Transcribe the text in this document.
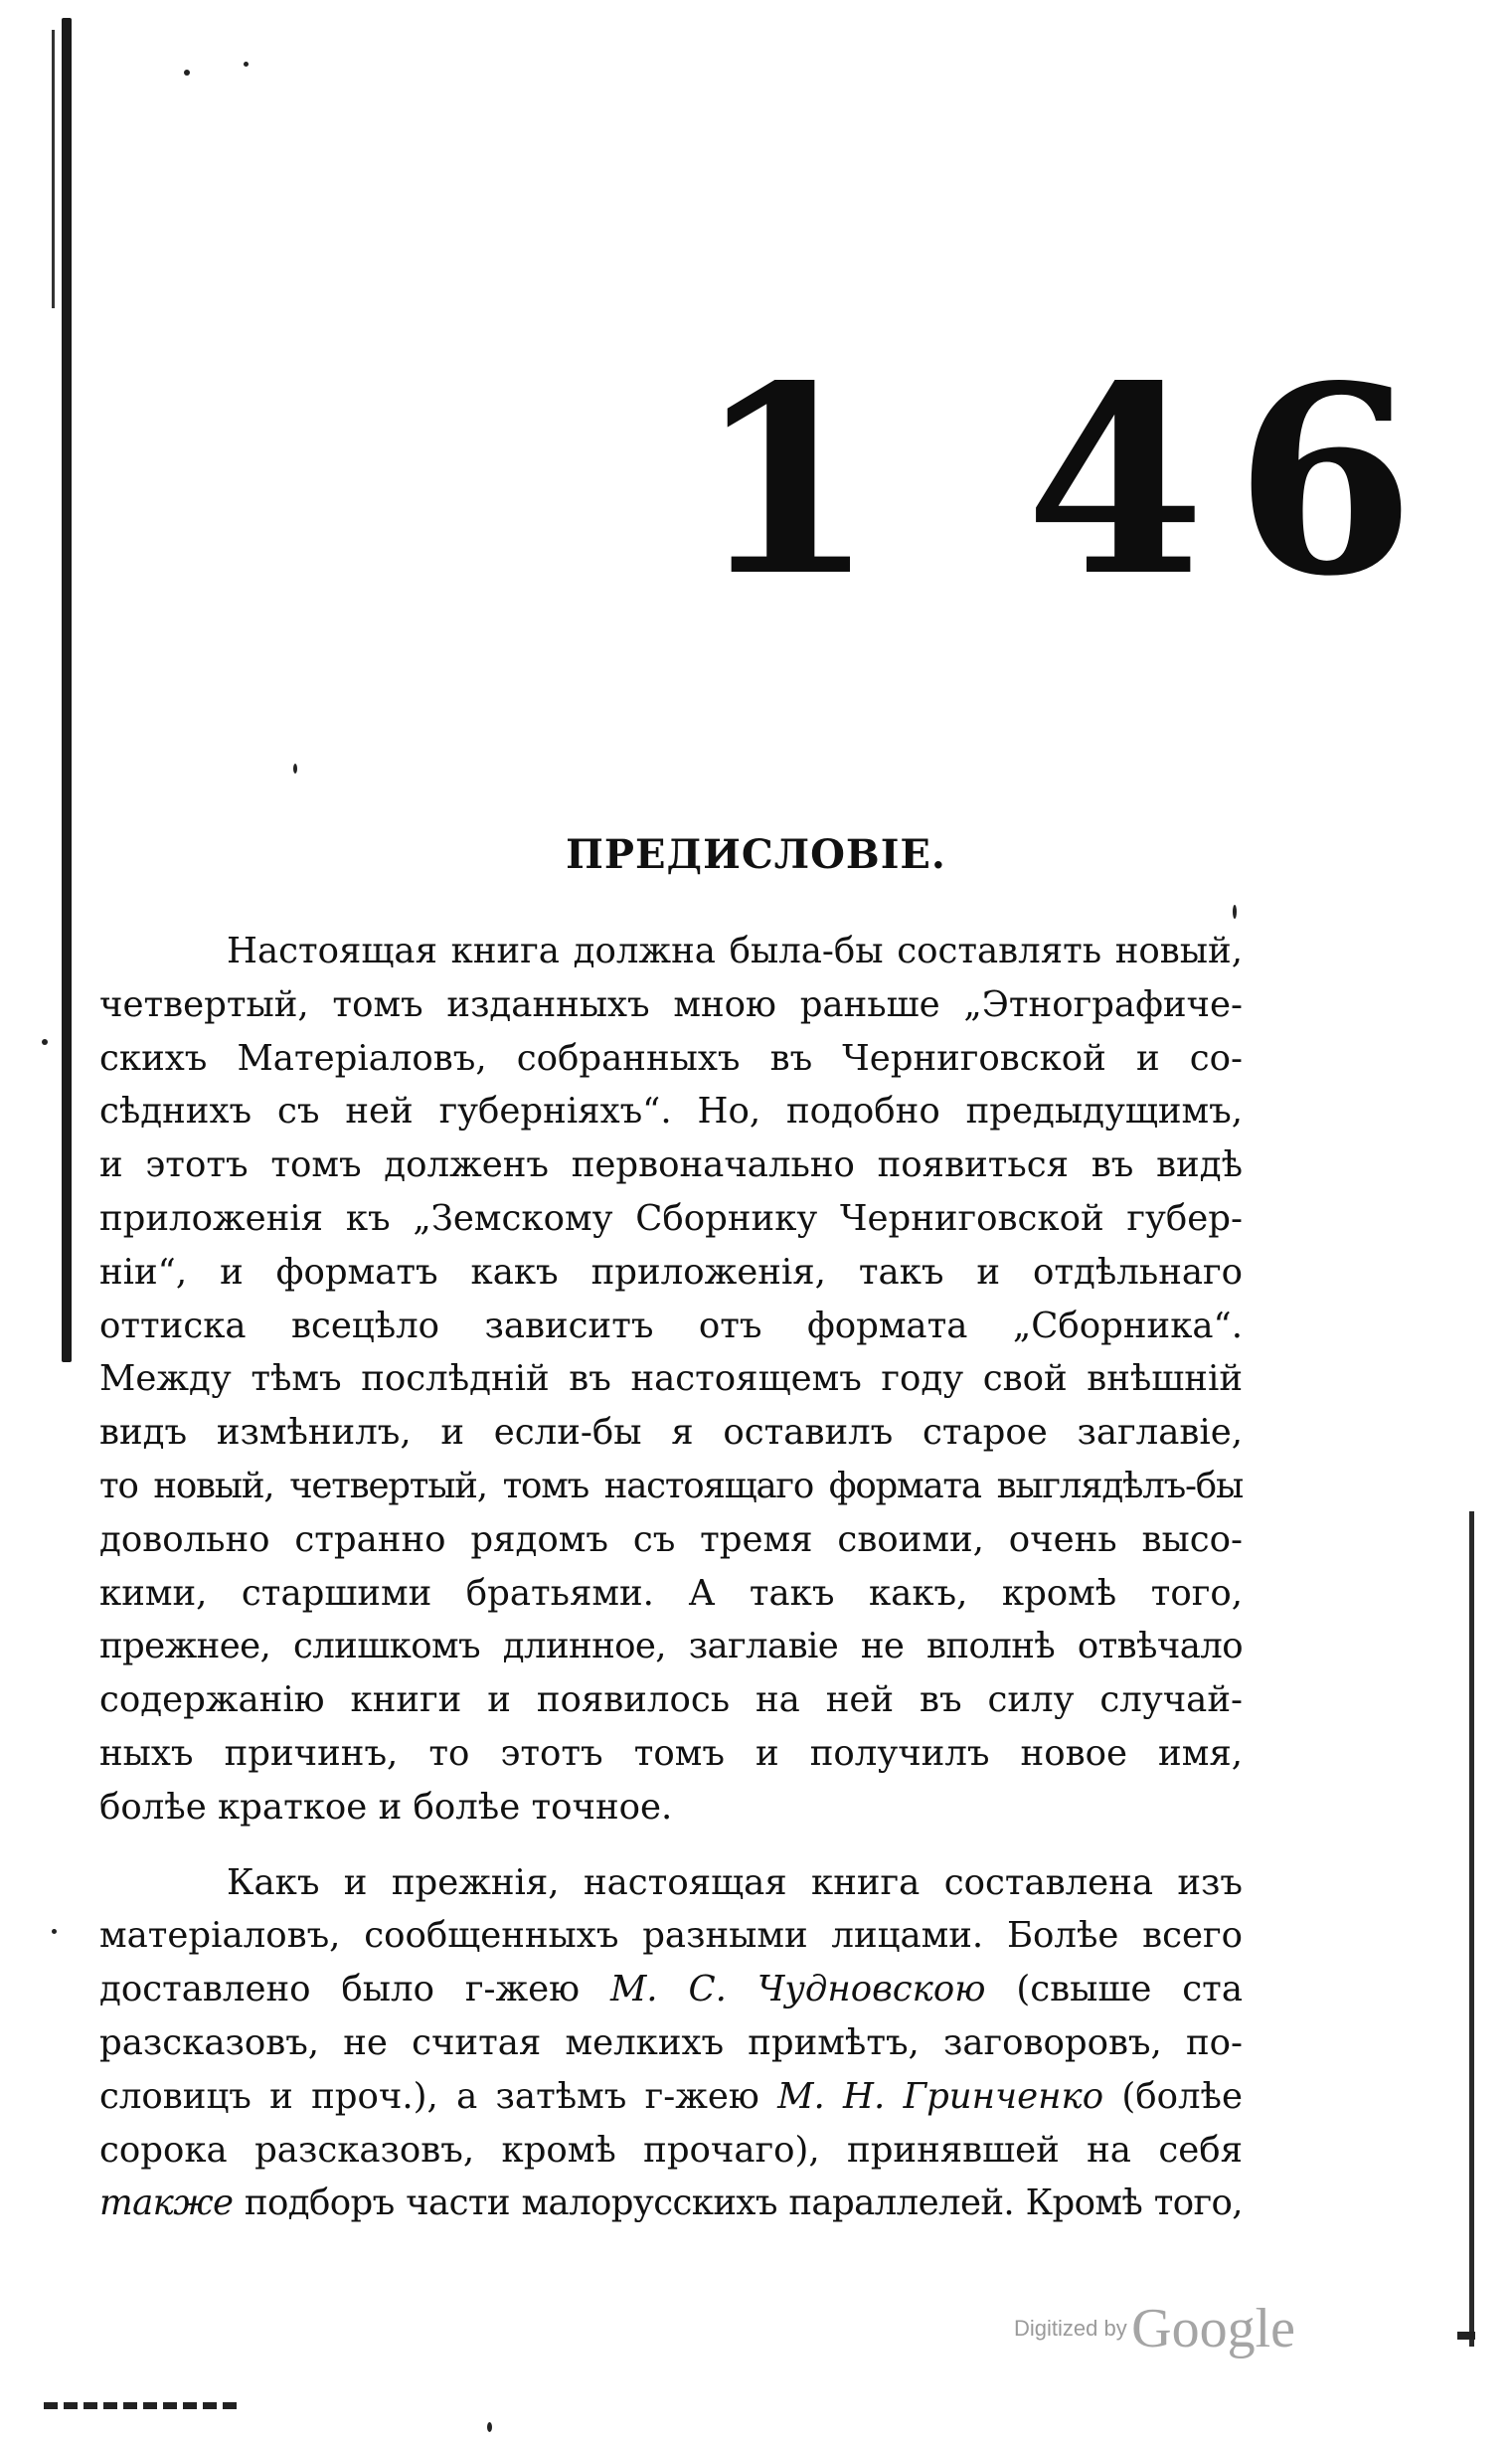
1 46
ПРЕДИСЛОВІЕ.

Настоящая книга должна была-бы составлять новый,
четвертый, томъ изданныхъ мною раньше „Этнографиче-
скихъ Матеріаловъ, собранныхъ въ Черниговской и со-
сѣднихъ съ ней губерніяхъ“. Но, подобно предыдущимъ,
и этотъ томъ долженъ первоначально появиться въ видѣ
приложенія къ „Земскому Сборнику Черниговской губер-
ніи“, и форматъ какъ приложенія, такъ и отдѣльнаго
оттиска всецѣло зависитъ отъ формата „Сборника“.
Между тѣмъ послѣдній въ настоящемъ году свой внѣшній
видъ измѣнилъ, и если-бы я оставилъ старое заглавіе,
то новый, четвертый, томъ настоящаго формата выглядѣлъ-бы
довольно странно рядомъ съ тремя своими, очень высо-
кими, старшими братьями. А такъ какъ, кромѣ того,
прежнее, слишкомъ длинное, заглавіе не вполнѣ отвѣчало
содержанію книги и появилось на ней въ силу случай-
ныхъ причинъ, то этотъ томъ и получилъ новое имя,
болѣе краткое и болѣе точное.

Какъ и прежнія, настоящая книга составлена изъ
матеріаловъ, сообщенныхъ разными лицами. Болѣе всего
доставлено было г-жею М. С. Чудновскою (свыше ста
разсказовъ, не считая мелкихъ примѣтъ, заговоровъ, по-
словицъ и проч.), а затѣмъ г-жею М. Н. Гринченко (болѣе
сорока разсказовъ, кромѣ прочаго), принявшей на себя
также подборъ части малорусскихъ параллелей. Кромѣ того,

Digitized by Google
